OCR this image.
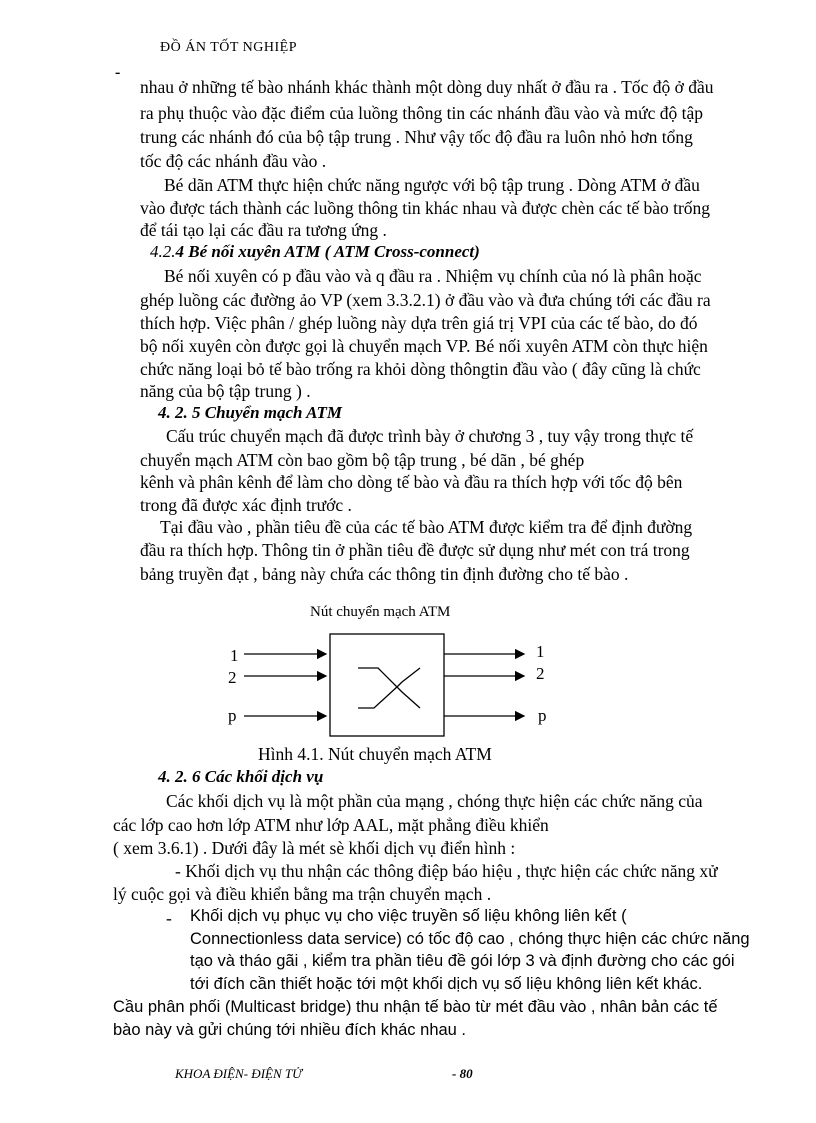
ĐỒ ÁN TỐT NGHIỆP
-
nhau ở những tế bào nhánh khác thành một dòng duy nhất ở đầu ra . Tốc độ ở đầu
ra phụ thuộc vào đặc điểm của luồng thông tin các nhánh đầu vào và mức độ tập
trung các nhánh đó của bộ tập trung . Như vậy tốc độ đầu ra luôn nhỏ hơn tổng
tốc độ các nhánh đầu vào .
Bé dãn ATM thực hiện chức năng ngược với bộ tập trung . Dòng ATM ở đầu
vào được tách thành các luồng thông tin khác nhau và được chèn các tế bào trống
để tái tạo lại các đầu ra tương ứng .
4.2.4 Bé nối xuyên ATM ( ATM Cross-connect)
Bé nối xuyên có p đầu vào và q đầu ra . Nhiệm vụ chính của nó là phân hoặc
ghép luồng các đường ảo VP (xem 3.3.2.1) ở đầu vào và đưa chúng tới các đầu ra
thích hợp. Việc phân / ghép luồng này dựa trên giá trị VPI của các tế bào, do đó
bộ nối xuyên còn được gọi là chuyển mạch VP. Bé nối xuyên ATM còn thực hiện
chức năng loại bỏ tế bào trống ra khỏi dòng thôngtin đầu vào ( đây cũng là chức
năng của bộ tập trung ) .
4. 2. 5 Chuyển mạch ATM
Cấu trúc chuyển mạch đã được trình bày ở chương 3 , tuy vậy trong thực tế
chuyển mạch ATM còn bao gồm bộ tập trung , bé dãn , bé ghép
kênh và phân kênh để làm cho dòng tế bào và đầu ra thích hợp với tốc độ bên
trong đã được xác định trước .
Tại đầu vào , phần tiêu đề của các tế bào ATM được kiểm tra để định đường
đầu ra thích hợp. Thông tin ở phần tiêu đề được sử dụng như mét con trá trong
bảng truyền đạt , bảng này chứa các thông tin định đường cho tế bào .
Nút chuyển mạch ATM
1
2
p
1
2
p
Hình 4.1. Nút chuyển mạch ATM
4. 2. 6 Các khối dịch vụ
Các khối dịch vụ là một phần của mạng , chóng thực hiện các chức năng của
các lớp cao hơn lớp ATM như lớp AAL, mặt phẳng điều khiển
( xem 3.6.1) . Dưới đây là mét sè khối dịch vụ điển hình :
- Khối dịch vụ thu nhận các thông điệp báo hiệu , thực hiện các chức năng xử
lý cuộc gọi và điều khiển bằng ma trận chuyển mạch .
- Khối dịch vụ phục vụ cho việc truyền số liệu không liên kết (
Connectionless data service) có tốc độ cao , chóng thực hiện các chức năng
tạo và tháo gãi , kiểm tra phần tiêu đề gói lớp 3 và định đường cho các gói
tới đích cần thiết hoặc tới một khối dịch vụ số liệu không liên kết khác.
Cầu phân phối (Multicast bridge) thu nhận tế bào từ mét đầu vào , nhân bản các tế
bào này và gửi chúng tới nhiều đích khác nhau .
KHOA ĐIỆN- ĐIỆN TỬ	- 80
